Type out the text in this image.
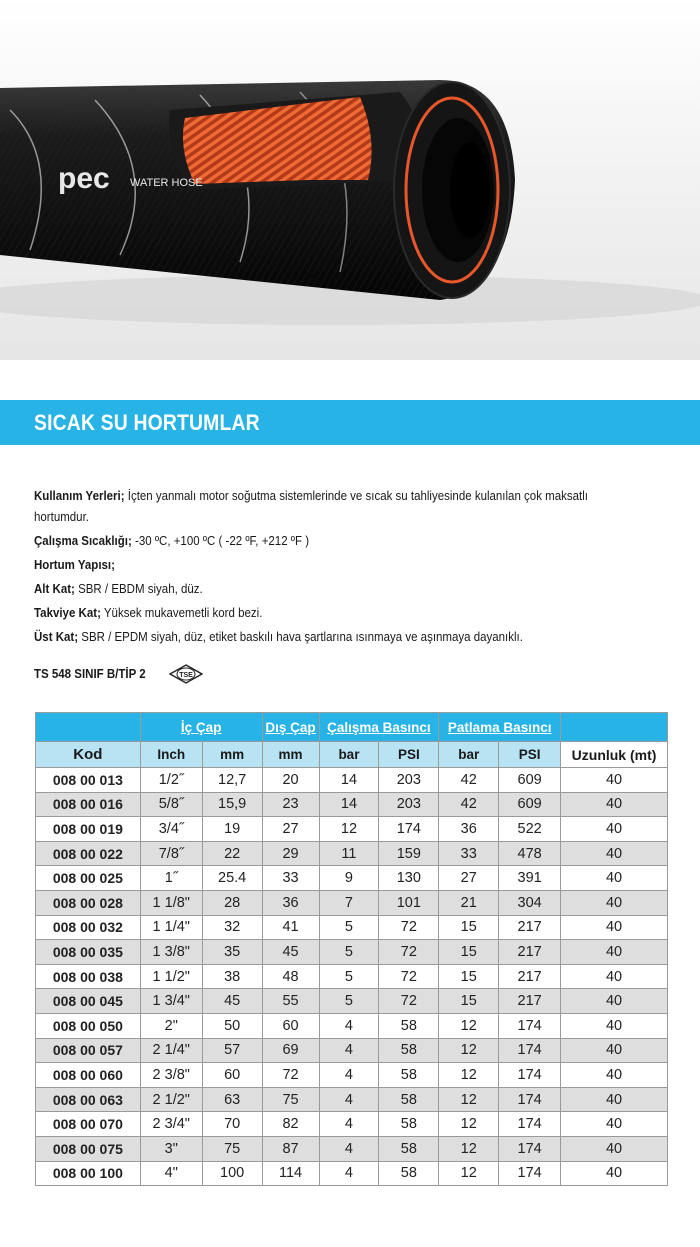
pec WATER HOSE
SICAK SU HORTUMLAR

Kullanım Yerleri; İçten yanmalı motor soğutma sistemlerinde ve sıcak su tahliyesinde kulanılan çok maksatlı hortumdur.

Çalışma Sıcaklığı; -30 ºC, +100 ºC ( -22 ºF, +212 ºF )

Hortum Yapısı;

Alt Kat; SBR / EBDM siyah, düz.

Takviye Kat; Yüksek mukavemetli kord bezi.

Üst Kat; SBR / EPDM siyah, düz, etiket baskılı hava şartlarına ısınmaya ve aşınmaya dayanıklı.

TS 548 SINIF B/TİP 2	TSE
	İç Çap		Dış Çap	Çalışma Basıncı		Patlama Basıncı		
Kod	Inch	mm	mm	bar	PSI	bar	PSI	Uzunluk (mt)
008 00 013	1/2˝	12,7	20	14	203	42	609	40
008 00 016	5/8˝	15,9	23	14	203	42	609	40
008 00 019	3/4˝	19	27	12	174	36	522	40
008 00 022	7/8˝	22	29	11	159	33	478	40
008 00 025	1˝	25.4	33	9	130	27	391	40
008 00 028	1 1/8"	28	36	7	101	21	304	40
008 00 032	1 1/4"	32	41	5	72	15	217	40
008 00 035	1 3/8"	35	45	5	72	15	217	40
008 00 038	1 1/2"	38	48	5	72	15	217	40
008 00 045	1 3/4"	45	55	5	72	15	217	40
008 00 050	2"	50	60	4	58	12	174	40
008 00 057	2 1/4"	57	69	4	58	12	174	40
008 00 060	2 3/8"	60	72	4	58	12	174	40
008 00 063	2 1/2"	63	75	4	58	12	174	40
008 00 070	2 3/4"	70	82	4	58	12	174	40
008 00 075	3"	75	87	4	58	12	174	40
008 00 100	4"	100	114	4	58	12	174	40
